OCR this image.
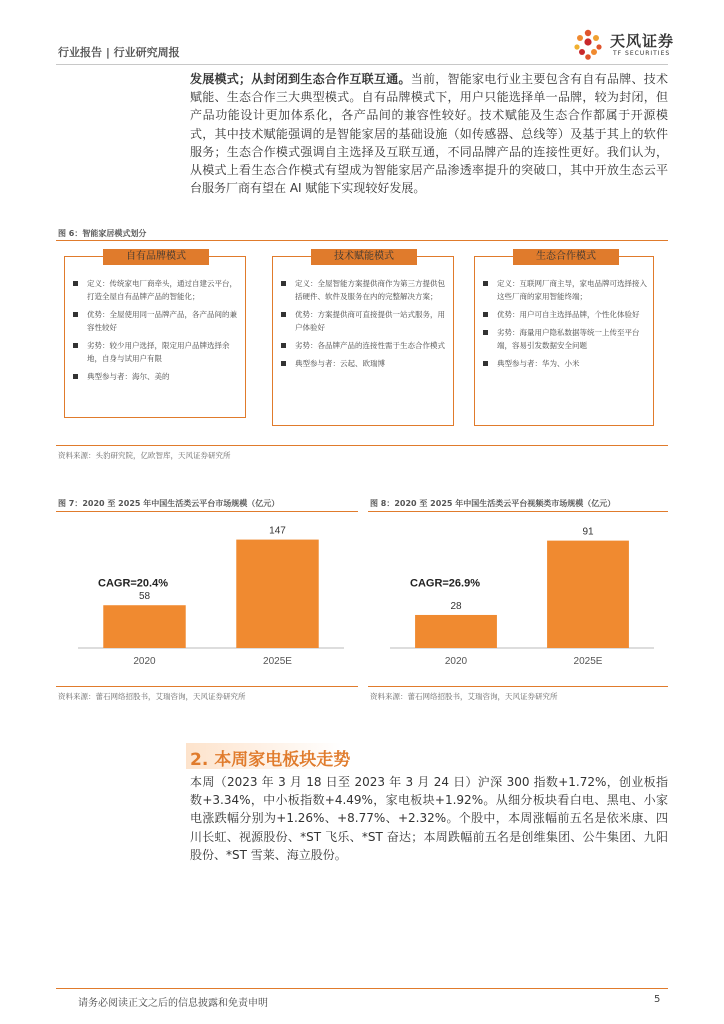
行业报告 | 行业研究周报
天风证券
TF SECURITIES
发展模式；从封闭到生态合作互联互通。当前，智能家电行业主要包含有自有品牌、技术赋能、生态合作三大典型模式。自有品牌模式下，用户只能选择单一品牌，较为封闭，但产品功能设计更加体系化，各产品间的兼容性较好。技术赋能及生态合作都属于开源模式，其中技术赋能强调的是智能家居的基础设施（如传感器、总线等）及基于其上的软件服务；生态合作模式强调自主选择及互联互通，不同品牌产品的连接性更好。我们认为，从模式上看生态合作模式有望成为智能家居产品渗透率提升的突破口，其中开放生态云平台服务厂商有望在 AI 赋能下实现较好发展。
图 6：智能家居模式划分
自有品牌模式
定义：传统家电厂商牵头，通过自建云平台，打造全屋自有品牌产品的智能化；
优势：全屋使用同一品牌产品，各产品间的兼容性较好
劣势：较少用户选择，限定用户品牌选择余地，自身与试用户有限
典型参与者：海尔、美的
技术赋能模式
定义：全屋智能方案提供商作为第三方提供包括硬件、软件及服务在内的完整解决方案；
优势：方案提供商可直接提供一站式服务，用户体验好
劣势：各品牌产品的连接性需于生态合作模式
典型参与者：云起、欧瑞博
生态合作模式
定义：互联网厂商主导，家电品牌可选择接入这些厂商的家用智能终端；
优势：用户可自主选择品牌，个性化体验好
劣势：海量用户隐私数据等统一上传至平台端，容易引发数据安全问题
典型参与者：华为、小米
资料来源：头豹研究院，亿欧智库，天风证券研究所
图 7：2020 至 2025 年中国生活类云平台市场规模（亿元）
58
2020
147
2025E
CAGR=20.4%
资料来源：蕾石网络招股书，艾瑞咨询，天风证券研究所
图 8：2020 至 2025 年中国生活类云平台视频类市场规模（亿元）
28
2020
91
2025E
CAGR=26.9%
资料来源：蕾石网络招股书，艾瑞咨询，天风证券研究所
2. 本周家电板块走势
本周（2023 年 3 月 18 日至 2023 年 3 月 24 日）沪深 300 指数+1.72%，创业板指数+3.34%，中小板指数+4.49%，家电板块+1.92%。从细分板块看白电、黑电、小家电涨跌幅分别为+1.26%、+8.77%、+2.32%。个股中，本周涨幅前五名是依米康、四川长虹、视源股份、*ST 飞乐、*ST 奋达；本周跌幅前五名是创维集团、公牛集团、九阳股份、*ST 雪莱、海立股份。
请务必阅读正文之后的信息披露和免责申明	5
